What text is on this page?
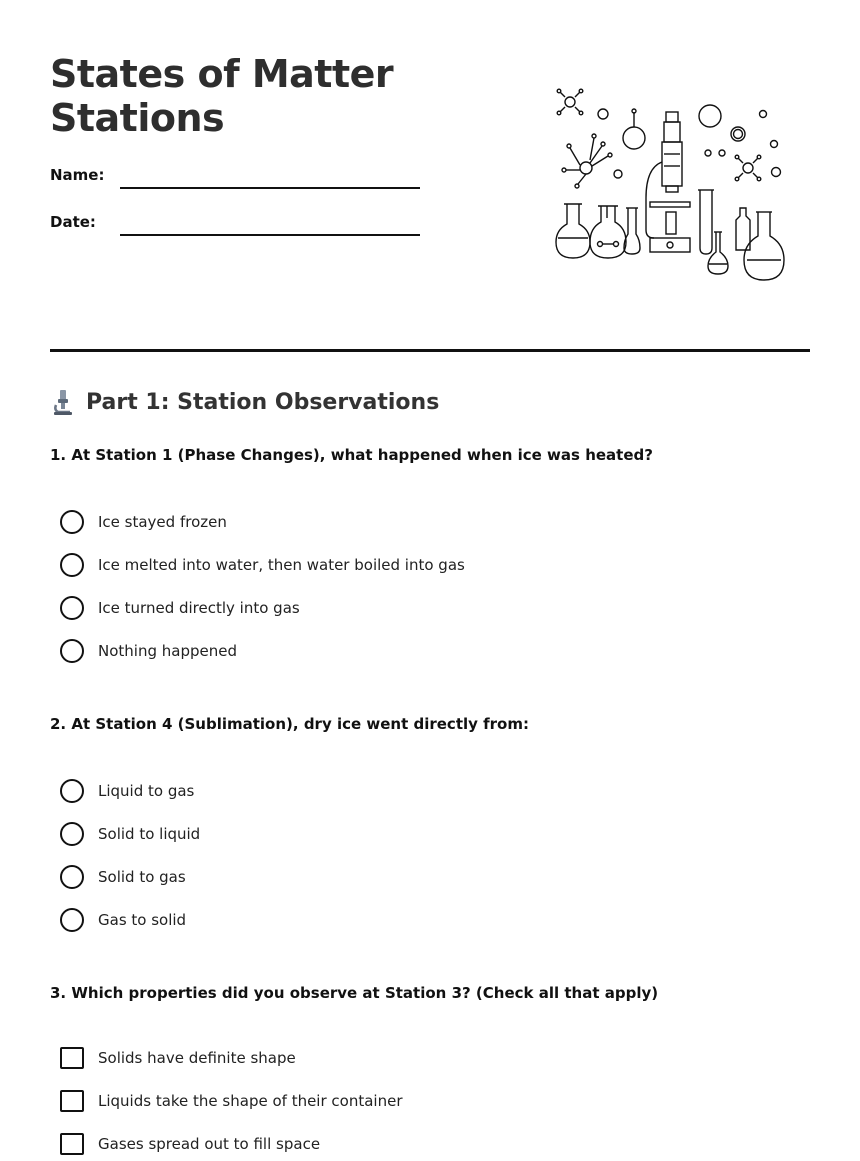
States of Matter Stations
Name:
Date:
Part 1: Station Observations
1. At Station 1 (Phase Changes), what happened when ice was heated?
Ice stayed frozen
Ice melted into water, then water boiled into gas
Ice turned directly into gas
Nothing happened
2. At Station 4 (Sublimation), dry ice went directly from:
Liquid to gas
Solid to liquid
Solid to gas
Gas to solid
3. Which properties did you observe at Station 3? (Check all that apply)
Solids have definite shape
Liquids take the shape of their container
Gases spread out to fill space
